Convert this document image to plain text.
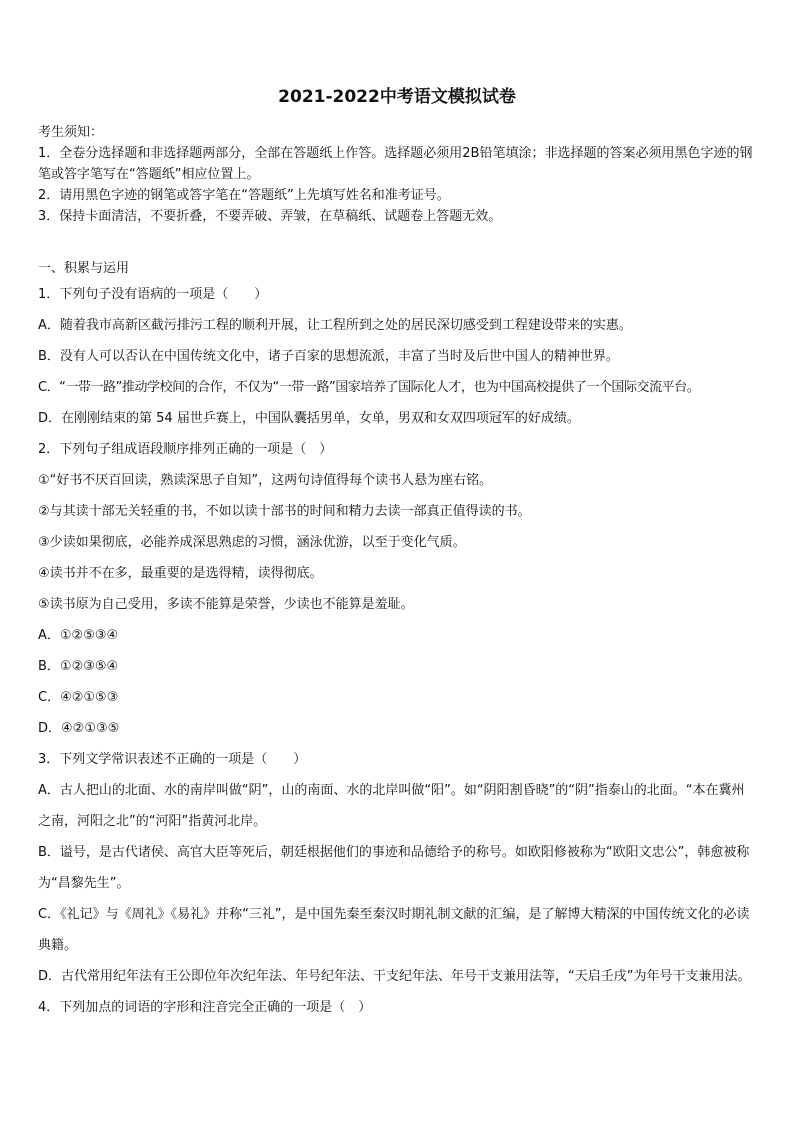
2021-2022中考语文模拟试卷

考生须知：

1．全卷分选择题和非选择题两部分，全部在答题纸上作答。选择题必须用2B铅笔填涂；非选择题的答案必须用黑色字迹的钢笔或答字笔写在“答题纸”相应位置上。

2．请用黑色字迹的钢笔或答字笔在“答题纸”上先填写姓名和准考证号。

3．保持卡面清洁，不要折叠，不要弄破、弄皱，在草稿纸、试题卷上答题无效。

一、积累与运用

1．下列句子没有语病的一项是（　　）

A．随着我市高新区截污排污工程的顺利开展，让工程所到之处的居民深切感受到工程建设带来的实惠。

B．没有人可以否认在中国传统文化中，诸子百家的思想流派，丰富了当时及后世中国人的精神世界。

C．“一带一路”推动学校间的合作，不仅为“一带一路”国家培养了国际化人才，也为中国高校提供了一个国际交流平台。

D．在刚刚结束的第 54 届世乒赛上，中国队囊括男单，女单，男双和女双四项冠军的好成绩。

2．下列句子组成语段顺序排列正确的一项是（　）

①“好书不厌百回读，熟读深思子自知”，这两句诗值得每个读书人悬为座右铭。

②与其读十部无关轻重的书，不如以读十部书的时间和精力去读一部真正值得读的书。

③少读如果彻底，必能养成深思熟虑的习惯，涵泳优游，以至于变化气质。

④读书并不在多，最重要的是选得精，读得彻底。

⑤读书原为自己受用，多读不能算是荣誉，少读也不能算是羞耻。

A．①②⑤③④

B．①②③⑤④

C．④②①⑤③

D．④②①③⑤

3．下列文学常识表述不正确的一项是（　　）

A．古人把山的北面、水的南岸叫做“阴”，山的南面、水的北岸叫做“阳”。如“阴阳割昏晓”的“阴”指泰山的北面。“本在冀州之南，河阳之北”的“河阳”指黄河北岸。

B．谥号，是古代诸侯、高官大臣等死后，朝廷根据他们的事迹和品德给予的称号。如欧阳修被称为“欧阳文忠公”，韩愈被称为“昌黎先生”。

C．《礼记》与《周礼》《易礼》并称“三礼”，是中国先秦至秦汉时期礼制文献的汇编，是了解博大精深的中国传统文化的必读典籍。

D．古代常用纪年法有王公即位年次纪年法、年号纪年法、干支纪年法、年号干支兼用法等，“天启壬戌”为年号干支兼用法。

4．下列加点的词语的字形和注音完全正确的一项是（　）
